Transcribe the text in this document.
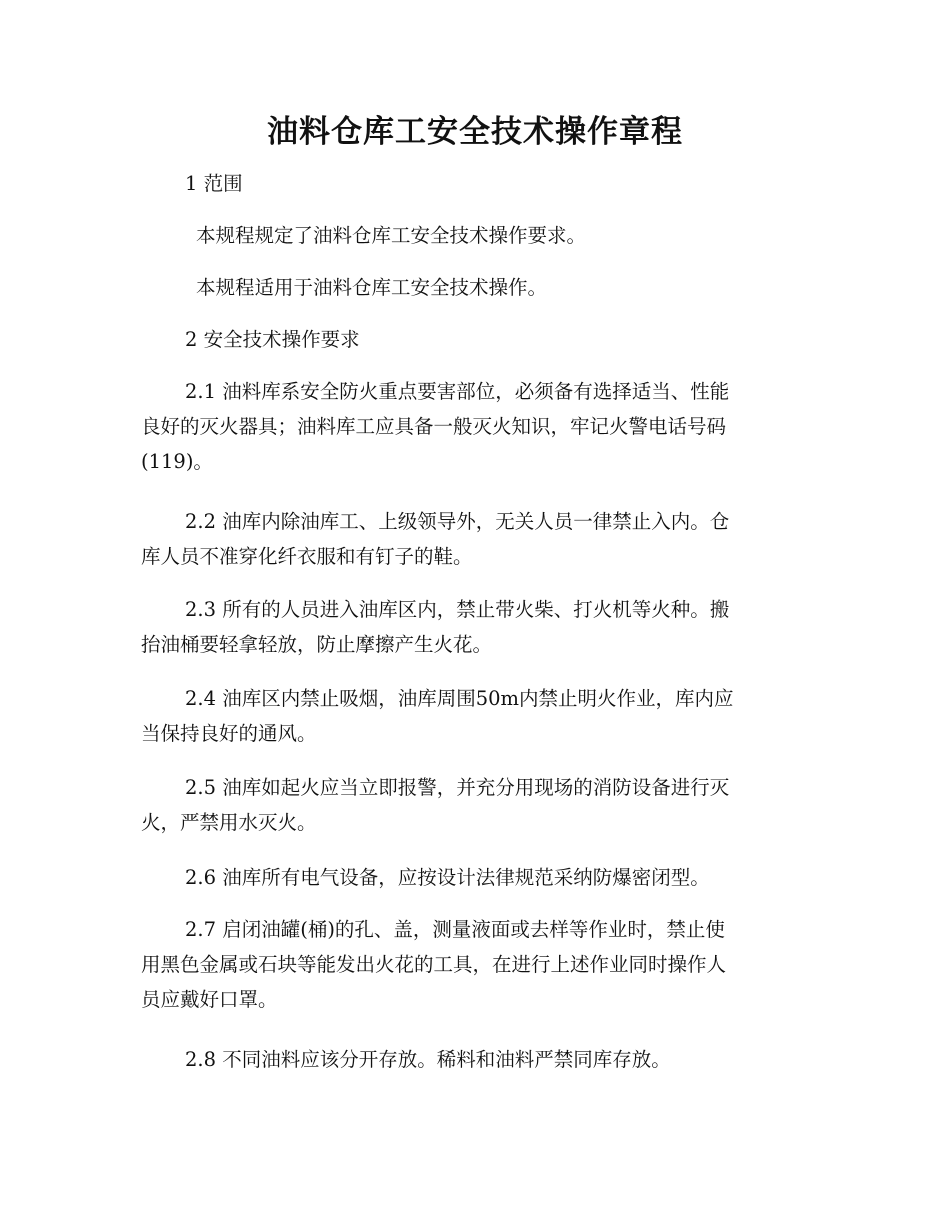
油料仓库工安全技术操作章程

1 范围

本规程规定了油料仓库工安全技术操作要求。

本规程适用于油料仓库工安全技术操作。

2 安全技术操作要求

2.1 油料库系安全防火重点要害部位，必须备有选择适当、性能
良好的灭火器具；油料库工应具备一般灭火知识，牢记火警电话号码
(119)。
2.2 油库内除油库工、上级领导外，无关人员一律禁止入内。仓
库人员不准穿化纤衣服和有钉子的鞋。
2.3 所有的人员进入油库区内，禁止带火柴、打火机等火种。搬
抬油桶要轻拿轻放，防止摩擦产生火花。
2.4 油库区内禁止吸烟，油库周围50m内禁止明火作业，库内应
当保持良好的通风。
2.5 油库如起火应当立即报警，并充分用现场的消防设备进行灭
火，严禁用水灭火。
2.6 油库所有电气设备，应按设计法律规范采纳防爆密闭型。
2.7 启闭油罐(桶)的孔、盖，测量液面或去样等作业时，禁止使
用黑色金属或石块等能发出火花的工具，在进行上述作业同时操作人
员应戴好口罩。
2.8 不同油料应该分开存放。稀料和油料严禁同库存放。
